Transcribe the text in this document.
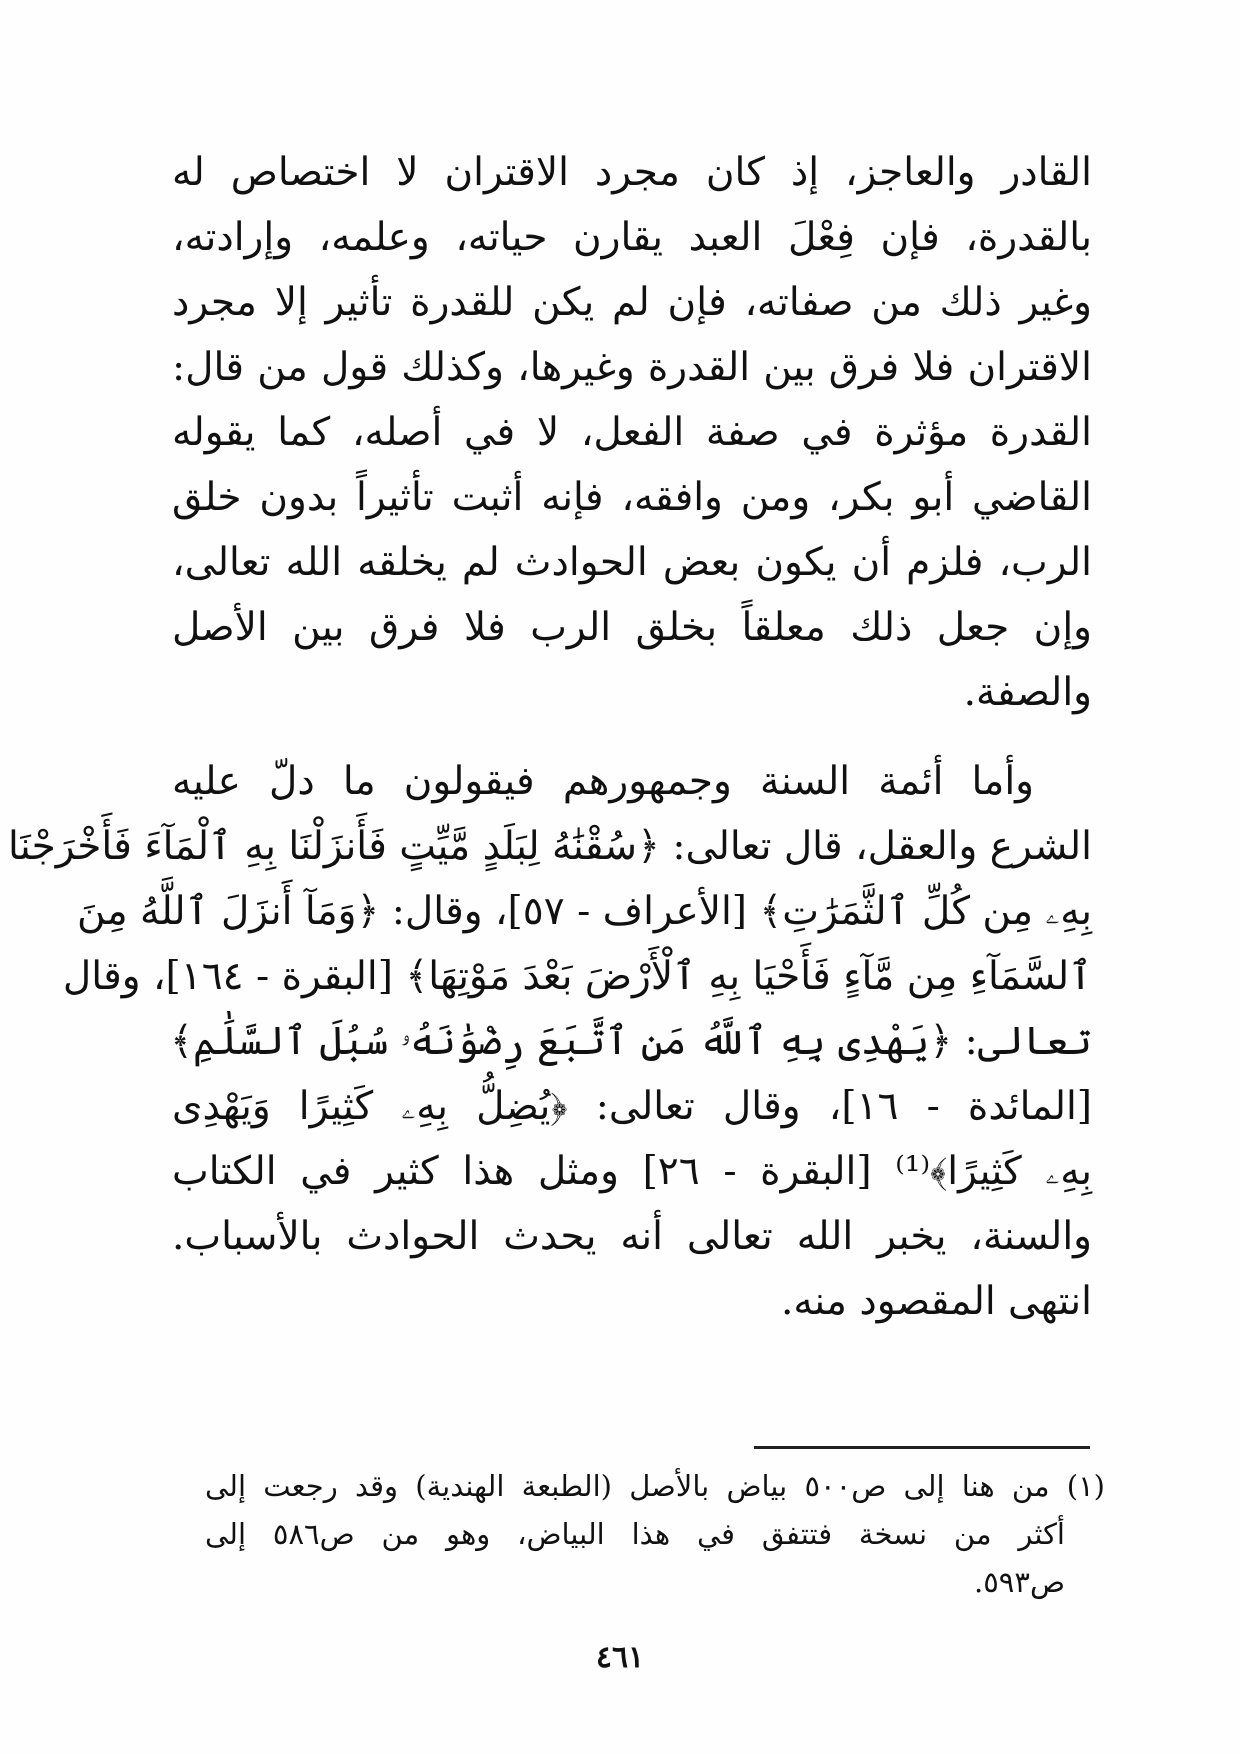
القادر والعاجز، إذ كان مجرد الاقتران لا اختصاص له
بالقدرة، فإن فِعْلَ العبد يقارن حياته، وعلمه، وإرادته،
وغير ذلك من صفاته، فإن لم يكن للقدرة تأثير إلا مجرد
الاقتران فلا فرق بين القدرة وغيرها، وكذلك قول من قال:
القدرة مؤثرة في صفة الفعل، لا في أصله، كما يقوله
القاضي أبو بكر، ومن وافقه، فإنه أثبت تأثيراً بدون خلق
الرب، فلزم أن يكون بعض الحوادث لم يخلقه الله تعالى،
وإن جعل ذلك معلقاً بخلق الرب فلا فرق بين الأصل
والصفة.
وأما أئمة السنة وجمهورهم فيقولون ما دلّ عليه
الشرع والعقل، قال تعالى: ﴿سُقْنَٰهُ لِبَلَدٍ مَّيِّتٍ فَأَنزَلْنَا بِهِ ٱلْمَآءَ فَأَخْرَجْنَا
بِهِۦ مِن كُلِّ ٱلثَّمَرَٰتِ﴾ [الأعراف - ٥٧]، وقال: ﴿وَمَآ أَنزَلَ ٱللَّهُ مِنَ
ٱلسَّمَآءِ مِن مَّآءٍ فَأَحْيَا بِهِ ٱلْأَرْضَ بَعْدَ مَوْتِهَا﴾ [البقرة - ١٦٤]، وقال
تعالى: ﴿يَهْدِى بِهِ ٱللَّهُ مَنِ ٱتَّبَعَ رِضْوَٰنَهُۥ سُبُلَ ٱلسَّلَٰمِ﴾
[المائدة - ١٦]، وقال تعالى: ﴿يُضِلُّ بِهِۦ كَثِيرًا وَيَهْدِى
بِهِۦ كَثِيرًا﴾⁽¹⁾ [البقرة - ٢٦] ومثل هذا كثير في الكتاب
والسنة، يخبر الله تعالى أنه يحدث الحوادث بالأسباب.
انتهى المقصود منه.
(١) من هنا إلى ص٥٠٠ بياض بالأصل (الطبعة الهندية) وقد رجعت إلى
أكثر من نسخة فتتفق في هذا البياض، وهو من ص٥٨٦ إلى
ص٥٩٣.
٤٦١
